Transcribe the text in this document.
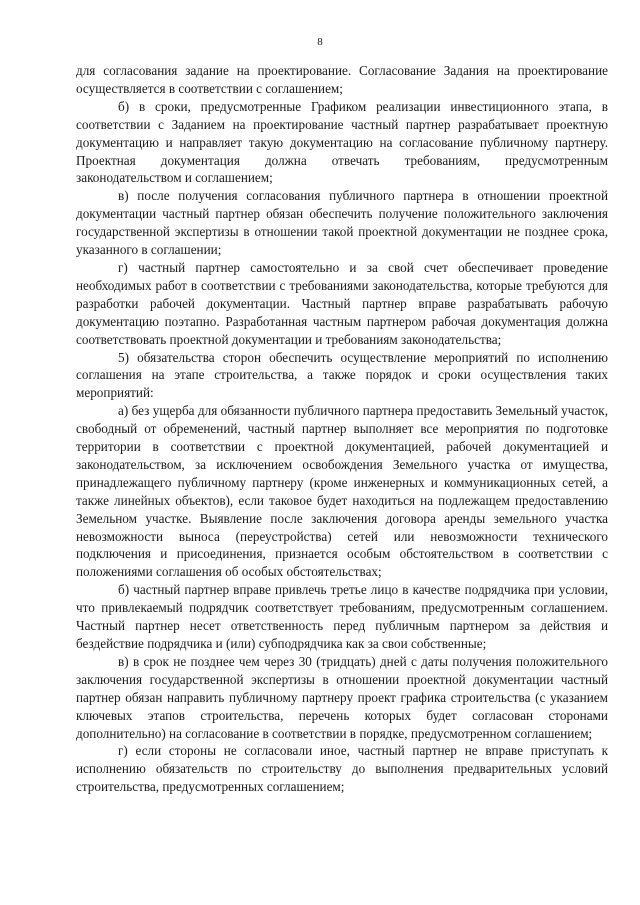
8

для согласования задание на проектирование. Согласование Задания на проектирование осуществляется в соответствии с соглашением;

б) в сроки, предусмотренные Графиком реализации инвестиционного этапа, в соответствии с Заданием на проектирование частный партнер разрабатывает проектную документацию и направляет такую документацию на согласование публичному партнеру. Проектная документация должна отвечать требованиям, предусмотренным законодательством и соглашением;

в) после получения согласования публичного партнера в отношении проектной документации частный партнер обязан обеспечить получение положительного заключения государственной экспертизы в отношении такой проектной документации не позднее срока, указанного в соглашении;

г) частный партнер самостоятельно и за свой счет обеспечивает проведение необходимых работ в соответствии с требованиями законодательства, которые требуются для разработки рабочей документации. Частный партнер вправе разрабатывать рабочую документацию поэтапно. Разработанная частным партнером рабочая документация должна соответствовать проектной документации и требованиям законодательства;

5) обязательства сторон обеспечить осуществление мероприятий по исполнению соглашения на этапе строительства, а также порядок и сроки осуществления таких мероприятий:

а) без ущерба для обязанности публичного партнера предоставить Земельный участок, свободный от обременений, частный партнер выполняет все мероприятия по подготовке территории в соответствии с проектной документацией, рабочей документацией и законодательством, за исключением освобождения Земельного участка от имущества, принадлежащего публичному партнеру (кроме инженерных и коммуникационных сетей, а также линейных объектов), если таковое будет находиться на подлежащем предоставлению Земельном участке. Выявление после заключения договора аренды земельного участка невозможности выноса (переустройства) сетей или невозможности технического подключения и присоединения, признается особым обстоятельством в соответствии с положениями соглашения об особых обстоятельствах;

б) частный партнер вправе привлечь третье лицо в качестве подрядчика при условии, что привлекаемый подрядчик соответствует требованиям, предусмотренным соглашением. Частный партнер несет ответственность перед публичным партнером за действия и бездействие подрядчика и (или) субподрядчика как за свои собственные;

в) в срок не позднее чем через 30 (тридцать) дней с даты получения положительного заключения государственной экспертизы в отношении проектной документации частный партнер обязан направить публичному партнеру проект графика строительства (с указанием ключевых этапов строительства, перечень которых будет согласован сторонами дополнительно) на согласование в соответствии в порядке, предусмотренном соглашением;

г) если стороны не согласовали иное, частный партнер не вправе приступать к исполнению обязательств по строительству до выполнения предварительных условий строительства, предусмотренных соглашением;
